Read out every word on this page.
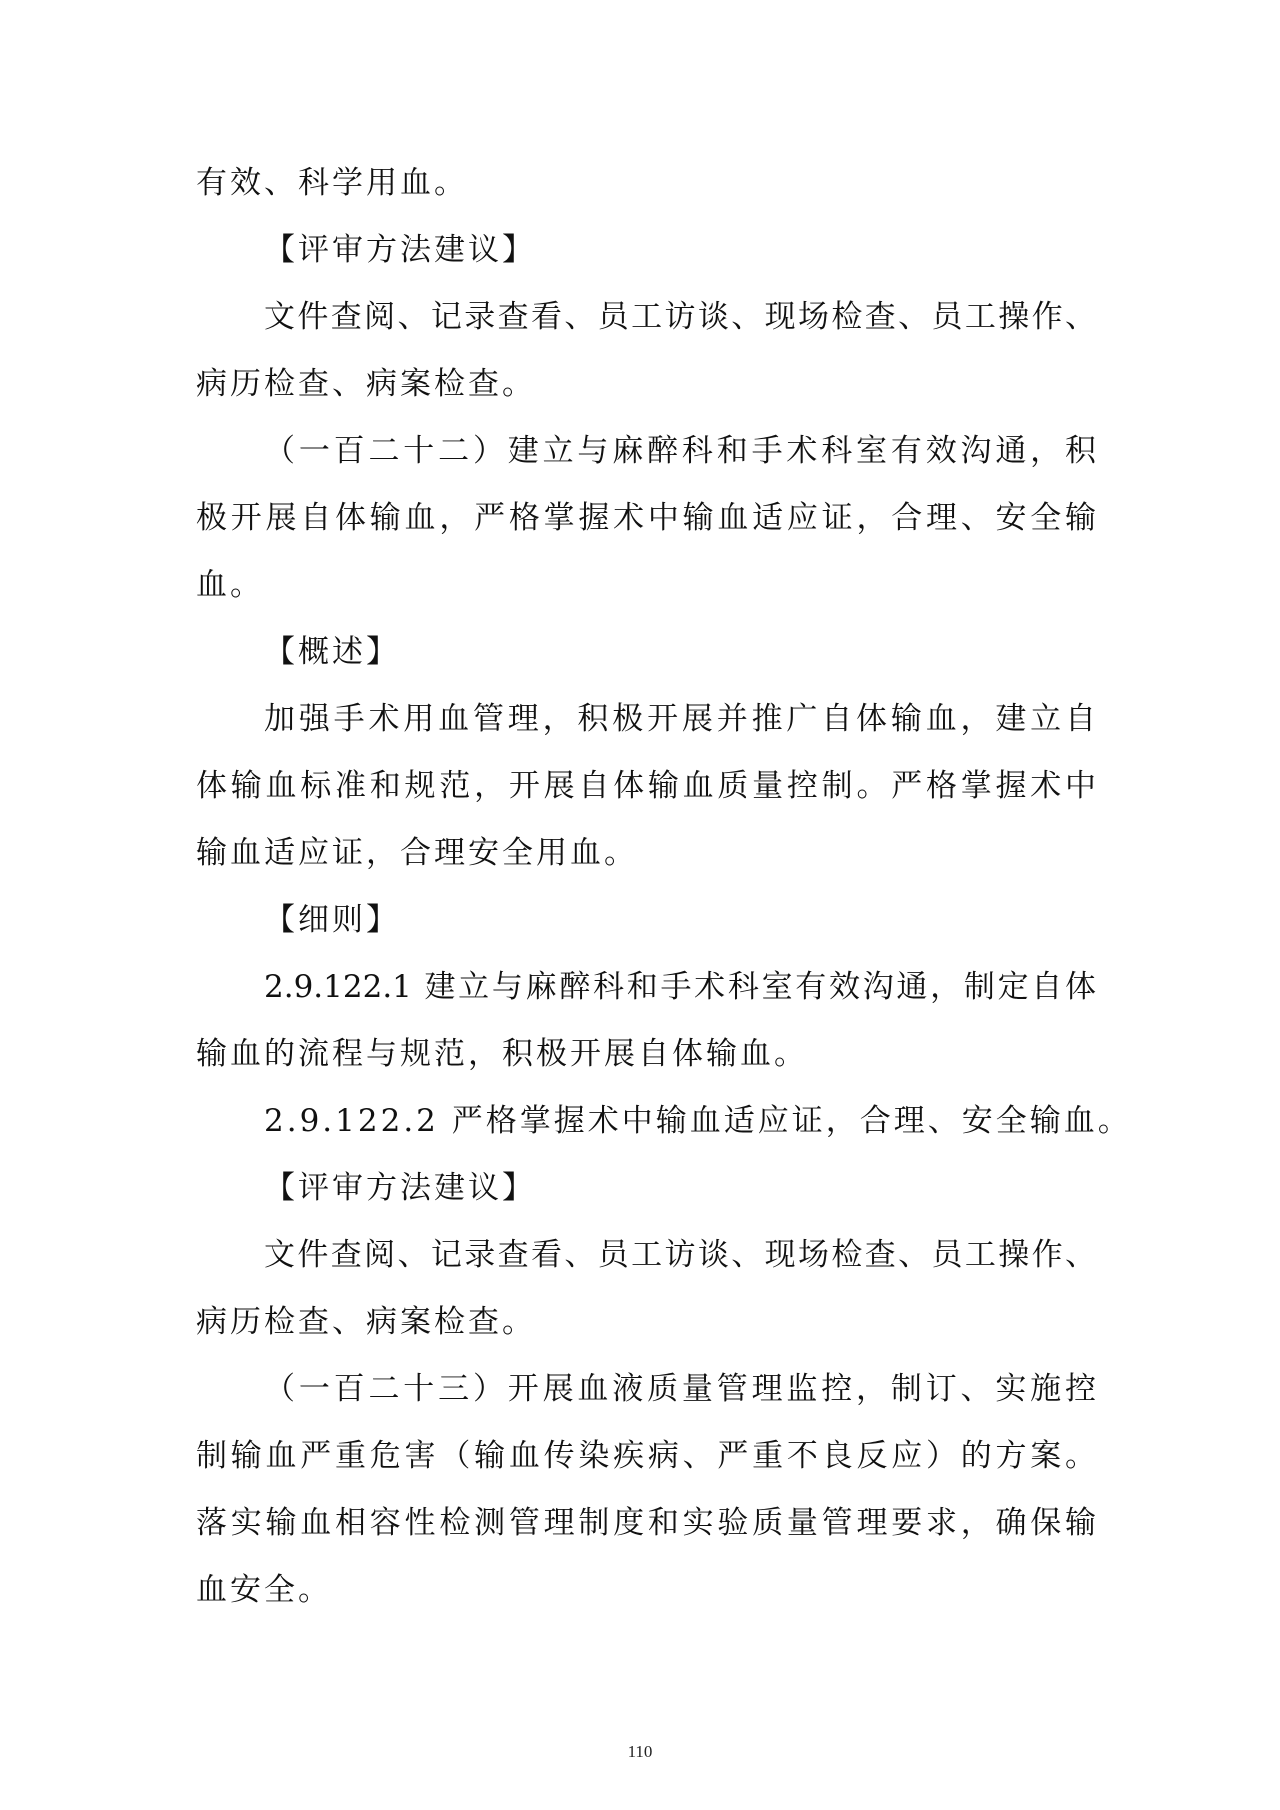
有效、科学用血。
【评审方法建议】
文件查阅、记录查看、员工访谈、现场检查、员工操作、
病历检查、病案检查。
（一百二十二）建立与麻醉科和手术科室有效沟通，积
极开展自体输血，严格掌握术中输血适应证，合理、安全输
血。
【概述】
加强手术用血管理，积极开展并推广自体输血，建立自
体输血标准和规范，开展自体输血质量控制。严格掌握术中
输血适应证，合理安全用血。
【细则】
2.9.122.1 建立与麻醉科和手术科室有效沟通，制定自体
输血的流程与规范，积极开展自体输血。
2.9.122.2 严格掌握术中输血适应证，合理、安全输血。
【评审方法建议】
文件查阅、记录查看、员工访谈、现场检查、员工操作、
病历检查、病案检查。
（一百二十三）开展血液质量管理监控，制订、实施控
制输血严重危害（输血传染疾病、严重不良反应）的方案。
落实输血相容性检测管理制度和实验质量管理要求，确保输
血安全。
110
